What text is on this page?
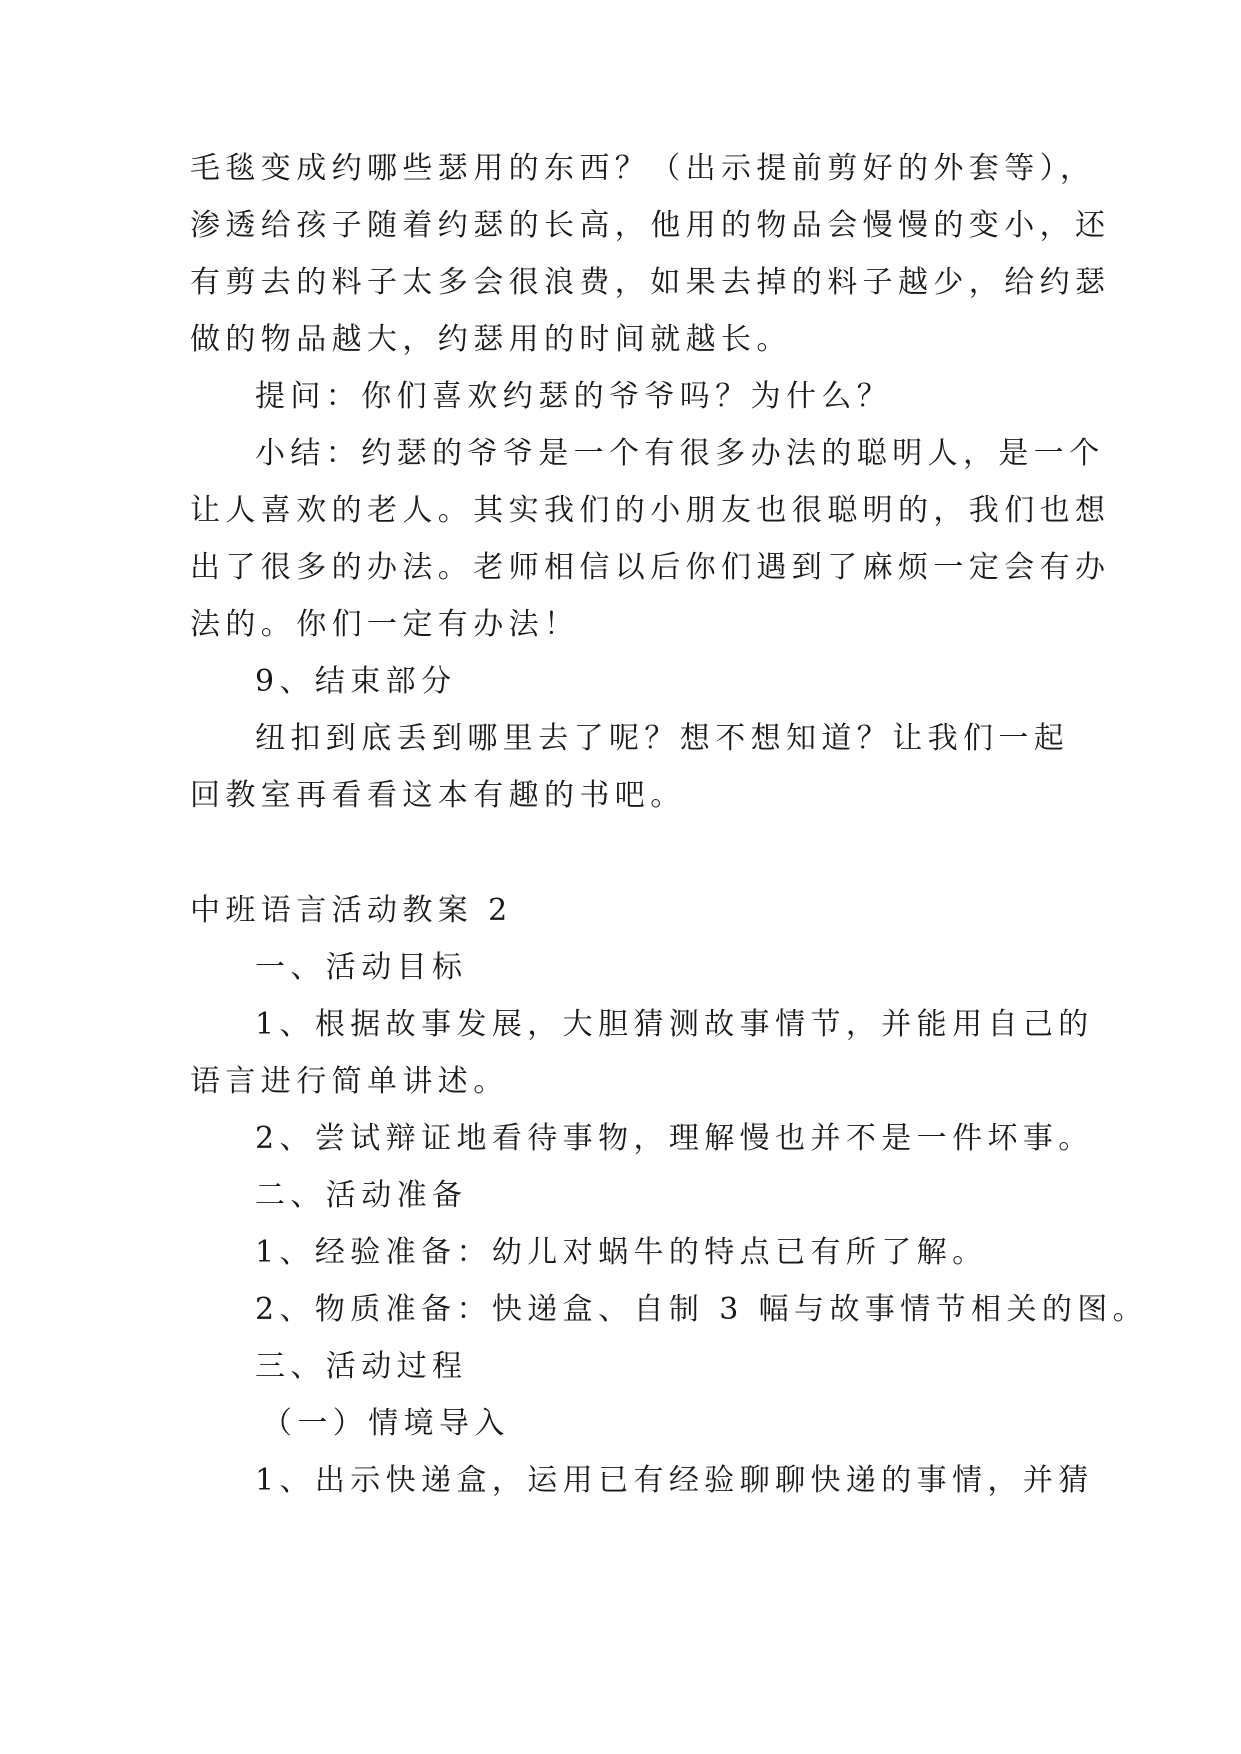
毛毯变成约哪些瑟用的东西？（出示提前剪好的外套等），
渗透给孩子随着约瑟的长高，他用的物品会慢慢的变小，还
有剪去的料子太多会很浪费，如果去掉的料子越少，给约瑟
做的物品越大，约瑟用的时间就越长。
提问：你们喜欢约瑟的爷爷吗？为什么？
小结：约瑟的爷爷是一个有很多办法的聪明人，是一个
让人喜欢的老人。其实我们的小朋友也很聪明的，我们也想
出了很多的办法。老师相信以后你们遇到了麻烦一定会有办
法的。你们一定有办法！
9、结束部分
纽扣到底丢到哪里去了呢？想不想知道？让我们一起
回教室再看看这本有趣的书吧。
中班语言活动教案 2
一、活动目标
1、根据故事发展，大胆猜测故事情节，并能用自己的
语言进行简单讲述。
2、尝试辩证地看待事物，理解慢也并不是一件坏事。
二、活动准备
1、经验准备：幼儿对蜗牛的特点已有所了解。
2、物质准备：快递盒、自制 3 幅与故事情节相关的图。
三、活动过程
（一）情境导入
1、出示快递盒，运用已有经验聊聊快递的事情，并猜
